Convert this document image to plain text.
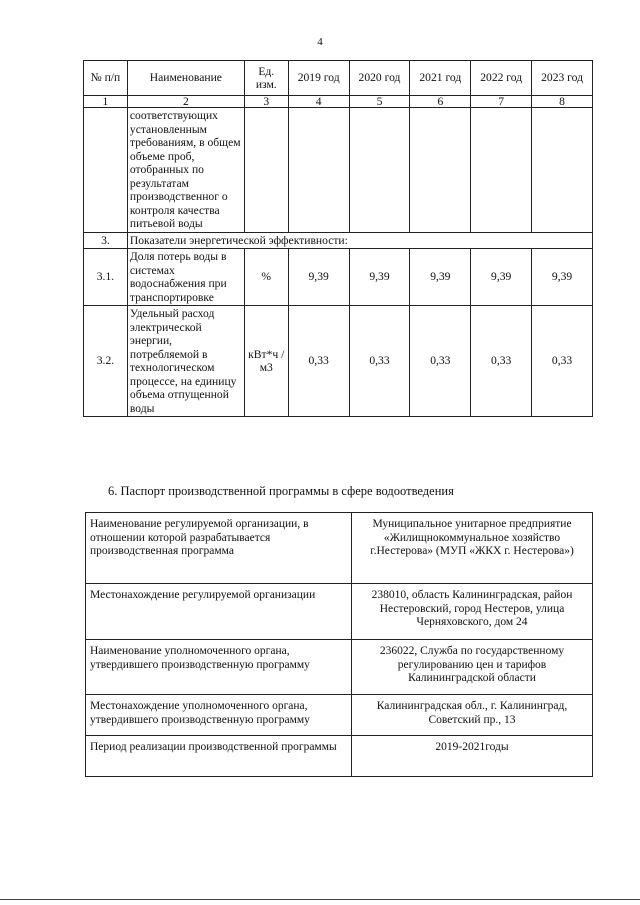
4
№ п/п	Наименование	Ед. изм.	2019 год	2020 год	2021 год	2022 год	2023 год
1	2	3	4	5	6	7	8
	соответствующих установленным требованиям, в общем объеме проб, отобранных по результатам производственног о контроля качества питьевой воды						
3.	Показатели энергетической эффективности:						
3.1.	Доля потерь воды в системах водоснабжения при транспортировке	%	9,39	9,39	9,39	9,39	9,39
3.2.	Удельный расход электрической энергии, потребляемой в технологическом процессе, на единицу объема отпущенной воды	кВт*ч /м3	0,33	0,33	0,33	0,33	0,33
6. Паспорт производственной программы в сфере водоотведения
Наименование регулируемой организации, в отношении которой разрабатывается производственная программа	Муниципальное унитарное предприятие «Жилищнокоммунальное хозяйство г.Нестерова» (МУП «ЖКХ г. Нестерова»)
Местонахождение регулируемой организации	238010, область Калининградская, район Нестеровский, город Нестеров, улица Черняховского, дом 24
Наименование уполномоченного органа, утвердившего производственную программу	236022, Служба по государственному регулированию цен и тарифов Калининградской области
Местонахождение уполномоченного органа, утвердившего производственную программу	Калининградская обл., г. Калининград, Советский пр., 13
Период реализации производственной программы	2019-2021годы
